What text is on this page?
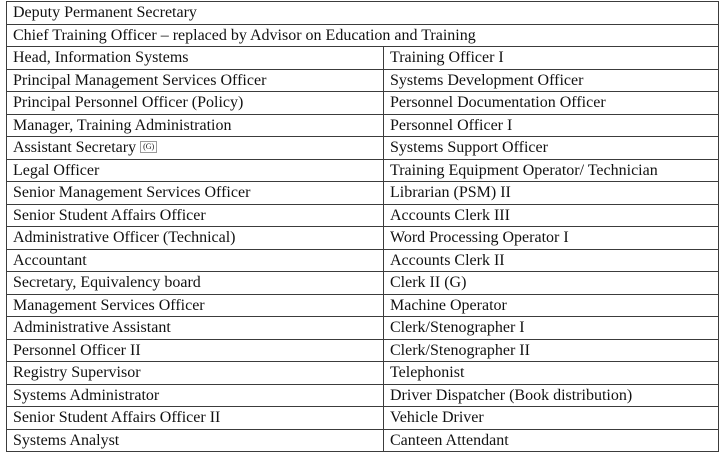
Deputy Permanent Secretary	
Chief Training Officer – replaced by Advisor on Education and Training	
Head, Information Systems	Training Officer I
Principal Management Services Officer	Systems Development Officer
Principal Personnel Officer (Policy)	Personnel Documentation Officer
Manager, Training Administration	Personnel Officer I
Assistant Secretary (G)	Systems Support Officer
Legal Officer	Training Equipment Operator/ Technician
Senior Management Services Officer	Librarian (PSM) II
Senior Student Affairs Officer	Accounts Clerk III
Administrative Officer (Technical)	Word Processing Operator I
Accountant	Accounts Clerk II
Secretary, Equivalency board	Clerk II (G)
Management Services Officer	Machine Operator
Administrative Assistant	Clerk/Stenographer I
Personnel Officer II	Clerk/Stenographer II
Registry Supervisor	Telephonist
Systems Administrator	Driver Dispatcher (Book distribution)
Senior Student Affairs Officer II	Vehicle Driver
Systems Analyst	Canteen Attendant
